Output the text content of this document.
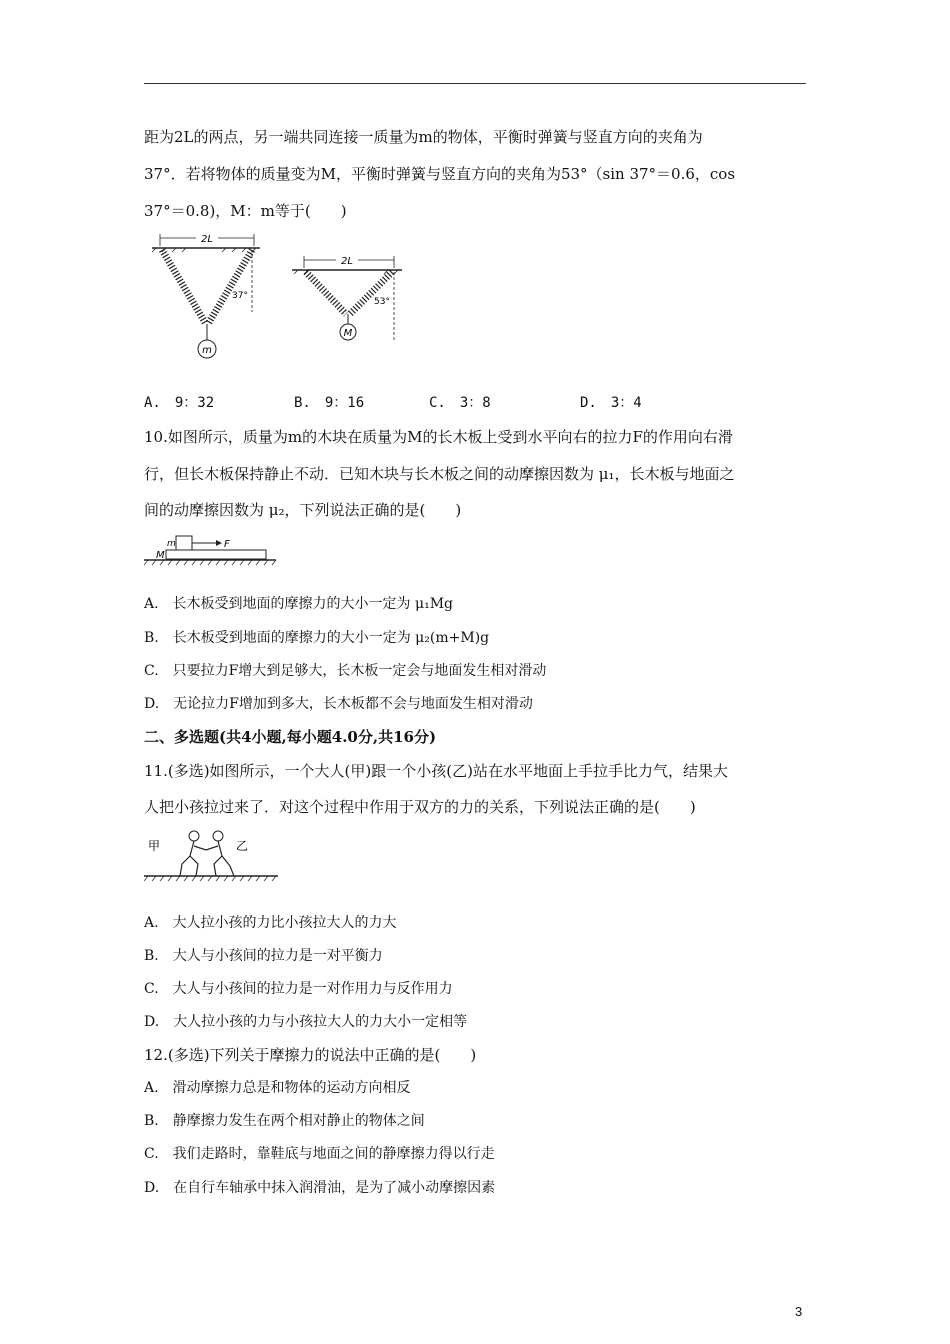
距为2L的两点，另一端共同连接一质量为m的物体，平衡时弹簧与竖直方向的夹角为
37°．若将物体的质量变为M，平衡时弹簧与竖直方向的夹角为53°（sin 37°＝0.6，cos
37°＝0.8)，M：m等于(　　)
2L
37°
m
2L
53°
M
A.　9：32	B.　9：16	C.　3：8	D.　3：4
10.如图所示，质量为m的木块在质量为M的长木板上受到水平向右的拉力F的作用向右滑
行，但长木板保持静止不动．已知木块与长木板之间的动摩擦因数为 μ₁，长木板与地面之
间的动摩擦因数为 μ₂，下列说法正确的是(　　)
M
m	F
A.　长木板受到地面的摩擦力的大小一定为 μ₁Mg
B.　长木板受到地面的摩擦力的大小一定为 μ₂(m+M)g
C.　只要拉力F增大到足够大，长木板一定会与地面发生相对滑动
D.　无论拉力F增加到多大，长木板都不会与地面发生相对滑动
二、多选题(共4小题,每小题4.0分,共16分)
11.(多选)如图所示，一个大人(甲)跟一个小孩(乙)站在水平地面上手拉手比力气，结果大
人把小孩拉过来了．对这个过程中作用于双方的力的关系，下列说法正确的是(　　)
甲	乙
A.　大人拉小孩的力比小孩拉大人的力大
B.　大人与小孩间的拉力是一对平衡力
C.　大人与小孩间的拉力是一对作用力与反作用力
D.　大人拉小孩的力与小孩拉大人的力大小一定相等
12.(多选)下列关于摩擦力的说法中正确的是(　　)
A.　滑动摩擦力总是和物体的运动方向相反
B.　静摩擦力发生在两个相对静止的物体之间
C.　我们走路时，靠鞋底与地面之间的静摩擦力得以行走
D.　在自行车轴承中抹入润滑油，是为了减小动摩擦因素
3
